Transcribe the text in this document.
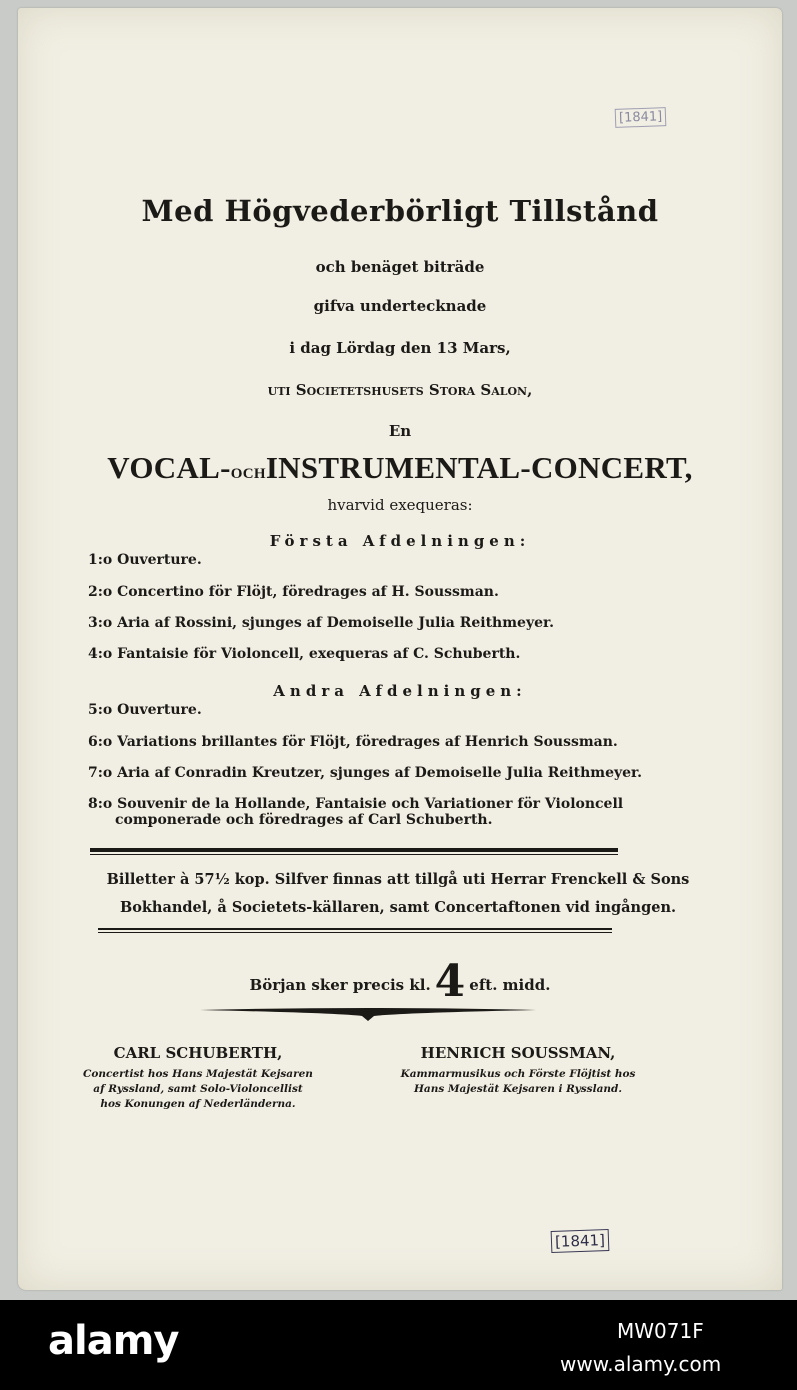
[1841]
Med Högvederbörligt Tillstånd
och benäget biträde
gifva undertecknade
i dag Lördag den 13 Mars,
uti Societetshusets Stora Salon,
En
VOCAL-OCHINSTRUMENTAL-CONCERT,
hvarvid exequeras:
Första Afdelningen:
1:o Ouverture.
2:o Concertino för Flöjt, föredrages af H. Soussman.
3:o Aria af Rossini, sjunges af Demoiselle Julia Reithmeyer.
4:o Fantaisie för Violoncell, exequeras af C. Schuberth.
Andra Afdelningen:
5:o Ouverture.
6:o Variations brillantes för Flöjt, föredrages af Henrich Soussman.
7:o Aria af Conradin Kreutzer, sjunges af Demoiselle Julia Reithmeyer.
8:o Souvenir de la Hollande, Fantaisie och Variationer för Violoncell
componerade och föredrages af Carl Schuberth.
Billetter à 57½ kop. Silfver finnas att tillgå uti Herrar Frenckell & Sons
Bokhandel, å Societets-källaren, samt Concertaftonen vid ingången.
Början sker precis kl.4 eft. midd.
CARL SCHUBERTH,
Concertist hos Hans Majestät Kejsaren
af Ryssland, samt Solo-Violoncellist
hos Konungen af Nederländerna.
HENRICH SOUSSMAN,
Kammarmusikus och Förste Flöjtist hos
Hans Majestät Kejsaren i Ryssland.
[1841]
alamy	MW071F
www.alamy.com
